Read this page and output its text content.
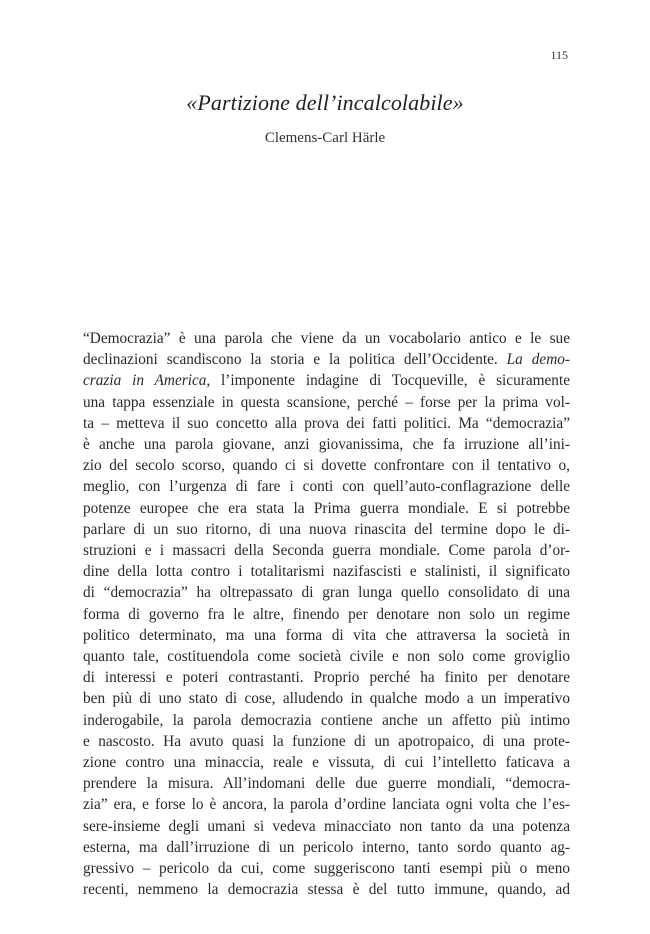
115
«Partizione dell’incalcolabile»
Clemens-Carl Härle
“Democrazia” è una parola che viene da un vocabolario antico e le sue
declinazioni scandiscono la storia e la politica dell’Occidente. La demo-
crazia in America, l’imponente indagine di Tocqueville, è sicuramente
una tappa essenziale in questa scansione, perché – forse per la prima vol-
ta – metteva il suo concetto alla prova dei fatti politici. Ma “democrazia”
è anche una parola giovane, anzi giovanissima, che fa irruzione all’ini-
zio del secolo scorso, quando ci si dovette confrontare con il tentativo o,
meglio, con l’urgenza di fare i conti con quell’auto-conflagrazione delle
potenze europee che era stata la Prima guerra mondiale. E si potrebbe
parlare di un suo ritorno, di una nuova rinascita del termine dopo le di-
struzioni e i massacri della Seconda guerra mondiale. Come parola d’or-
dine della lotta contro i totalitarismi nazifascisti e stalinisti, il significato
di “democrazia” ha oltrepassato di gran lunga quello consolidato di una
forma di governo fra le altre, finendo per denotare non solo un regime
politico determinato, ma una forma di vita che attraversa la società in
quanto tale, costituendola come società civile e non solo come groviglio
di interessi e poteri contrastanti. Proprio perché ha finito per denotare
ben più di uno stato di cose, alludendo in qualche modo a un imperativo
inderogabile, la parola democrazia contiene anche un affetto più intimo
e nascosto. Ha avuto quasi la funzione di un apotropaico, di una prote-
zione contro una minaccia, reale e vissuta, di cui l’intelletto faticava a
prendere la misura. All’indomani delle due guerre mondiali, “democra-
zia” era, e forse lo è ancora, la parola d’ordine lanciata ogni volta che l’es-
sere-insieme degli umani si vedeva minacciato non tanto da una potenza
esterna, ma dall’irruzione di un pericolo interno, tanto sordo quanto ag-
gressivo – pericolo da cui, come suggeriscono tanti esempi più o meno
recenti, nemmeno la democrazia stessa è del tutto immune, quando, ad
